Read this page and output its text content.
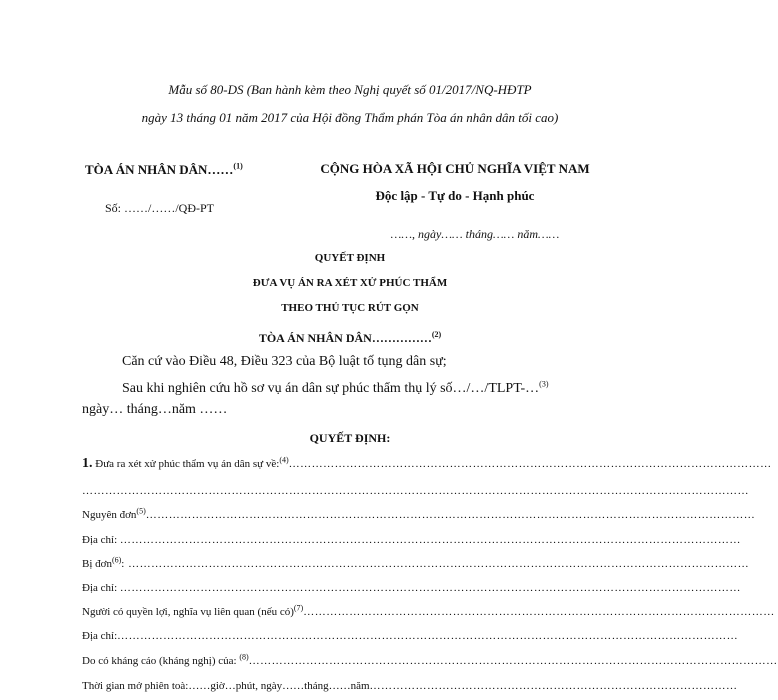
Mẫu số 80-DS (Ban hành kèm theo Nghị quyết số 01/2017/NQ-HĐTP
ngày 13 tháng 01 năm 2017 của Hội đồng Thẩm phán Tòa án nhân dân tối cao)
TÒA ÁN NHÂN DÂN……$^{(1)}$
Số: ……/……/QĐ-PT
CỘNG HÒA XÃ HỘI CHỦ NGHĨA VIỆT NAM
Độc lập - Tự do - Hạnh phúc
……, ngày…… tháng…… năm……
QUYẾT ĐỊNH
ĐƯA VỤ ÁN RA XÉT XỬ PHÚC THẨM
THEO THỦ TỤC RÚT GỌN
TÒA ÁN NHÂN DÂN……………$^{(2)}$
Căn cứ vào Điều 48, Điều 323 của Bộ luật tố tụng dân sự;
Sau khi nghiên cứu hồ sơ vụ án dân sự phúc thẩm thụ lý số…/…/TLPT-…$^{(3)}$
ngày… tháng…năm ……
QUYẾT ĐỊNH:
1. Đưa ra xét xử phúc thẩm vụ án dân sự về:$^{(4)}$………………………………………………………………………………………………………………
…………………………………………………………………………………………………………………………………………………………
Nguyên đơn$^{(5)}$……………………………………………………………………………………………………………………………………………
Địa chỉ: ………………………………………………………………………………………………………………………………………………
Bị đơn$^{(6)}$: ………………………………………………………………………………………………………………………………………………
Địa chỉ: ………………………………………………………………………………………………………………………………………………
Người có quyền lợi, nghĩa vụ liên quan (nếu có)$^{(7)}$……………………………………………………………………………………………………………
Địa chỉ:………………………………………………………………………………………………………………………………………………
Do có kháng cáo (kháng nghị) của: $^{(8)}$…………………………………………………………………………………………………………………………
Thời gian mở phiên toà:……giờ…phút, ngày……tháng……năm……………………………………………………………………………………
